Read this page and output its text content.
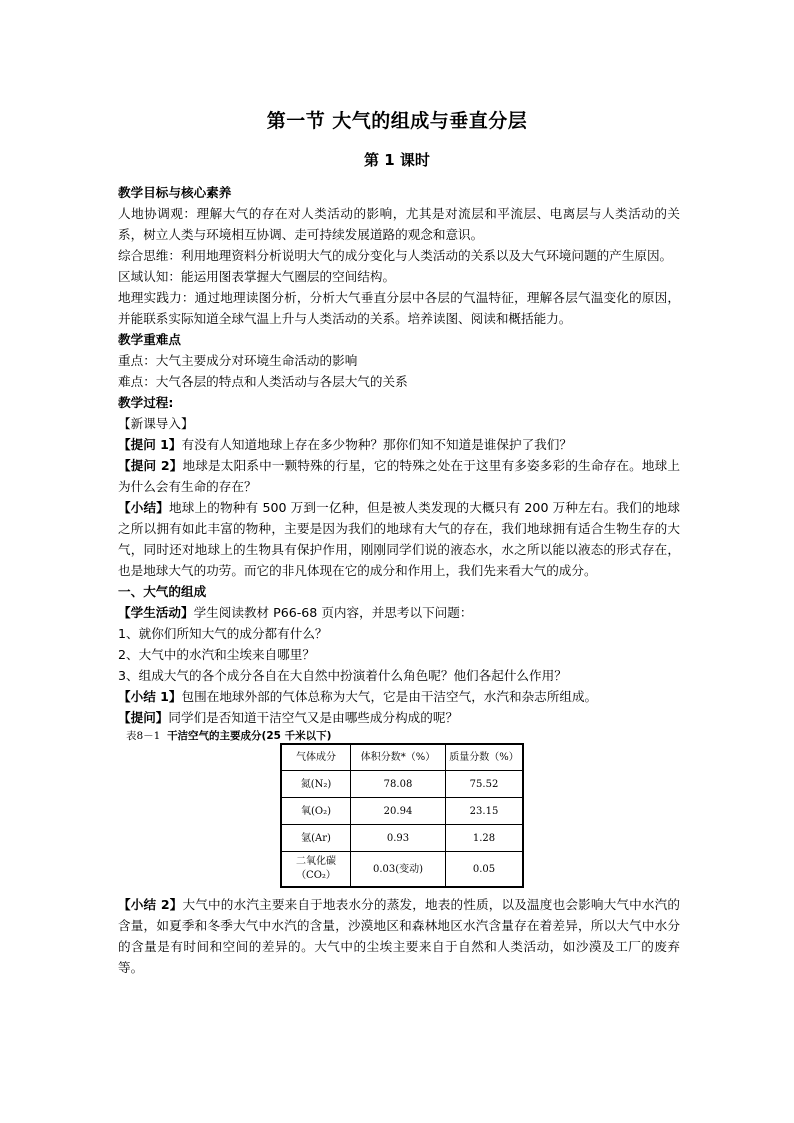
第一节 大气的组成与垂直分层
第 1 课时

教学目标与核心素养

人地协调观：理解大气的存在对人类活动的影响，尤其是对流层和平流层、电离层与人类活动的关系，树立人类与环境相互协调、走可持续发展道路的观念和意识。

综合思维：利用地理资料分析说明大气的成分变化与人类活动的关系以及大气环境问题的产生原因。

区域认知：能运用图表掌握大气圈层的空间结构。

地理实践力：通过地理读图分析，分析大气垂直分层中各层的气温特征，理解各层气温变化的原因，并能联系实际知道全球气温上升与人类活动的关系。培养读图、阅读和概括能力。

教学重难点

重点：大气主要成分对环境生命活动的影响

难点：大气各层的特点和人类活动与各层大气的关系

教学过程:

【新课导入】

【提问 1】有没有人知道地球上存在多少物种？那你们知不知道是谁保护了我们？

【提问 2】地球是太阳系中一颗特殊的行星，它的特殊之处在于这里有多姿多彩的生命存在。地球上为什么会有生命的存在？

【小结】地球上的物种有 500 万到一亿种，但是被人类发现的大概只有 200 万种左右。我们的地球之所以拥有如此丰富的物种，主要是因为我们的地球有大气的存在，我们地球拥有适合生物生存的大气，同时还对地球上的生物具有保护作用，刚刚同学们说的液态水，水之所以能以液态的形式存在，也是地球大气的功劳。而它的非凡体现在它的成分和作用上，我们先来看大气的成分。

一、大气的组成

【学生活动】学生阅读教材 P66-68 页内容，并思考以下问题：

1、就你们所知大气的成分都有什么？

2、大气中的水汽和尘埃来自哪里？

3、组成大气的各个成分各自在大自然中扮演着什么角色呢？他们各起什么作用？

【小结 1】包围在地球外部的气体总称为大气，它是由干洁空气，水汽和杂志所组成。

【提问】同学们是否知道干洁空气又是由哪些成分构成的呢？

表8－1 干洁空气的主要成分(25 千米以下)

气体成分	体积分数*（%）	质量分数（%）
氮(N₂)	78.08	75.52
氧(O₂)	20.94	23.15
氩(Ar)	0.93	1.28
二氧化碳
（CO₂）	0.03(变动)	0.05

【小结 2】大气中的水汽主要来自于地表水分的蒸发，地表的性质，以及温度也会影响大气中水汽的含量，如夏季和冬季大气中水汽的含量，沙漠地区和森林地区水汽含量存在着差异，所以大气中水分的含量是有时间和空间的差异的。大气中的尘埃主要来自于自然和人类活动，如沙漠及工厂的废弃等。
